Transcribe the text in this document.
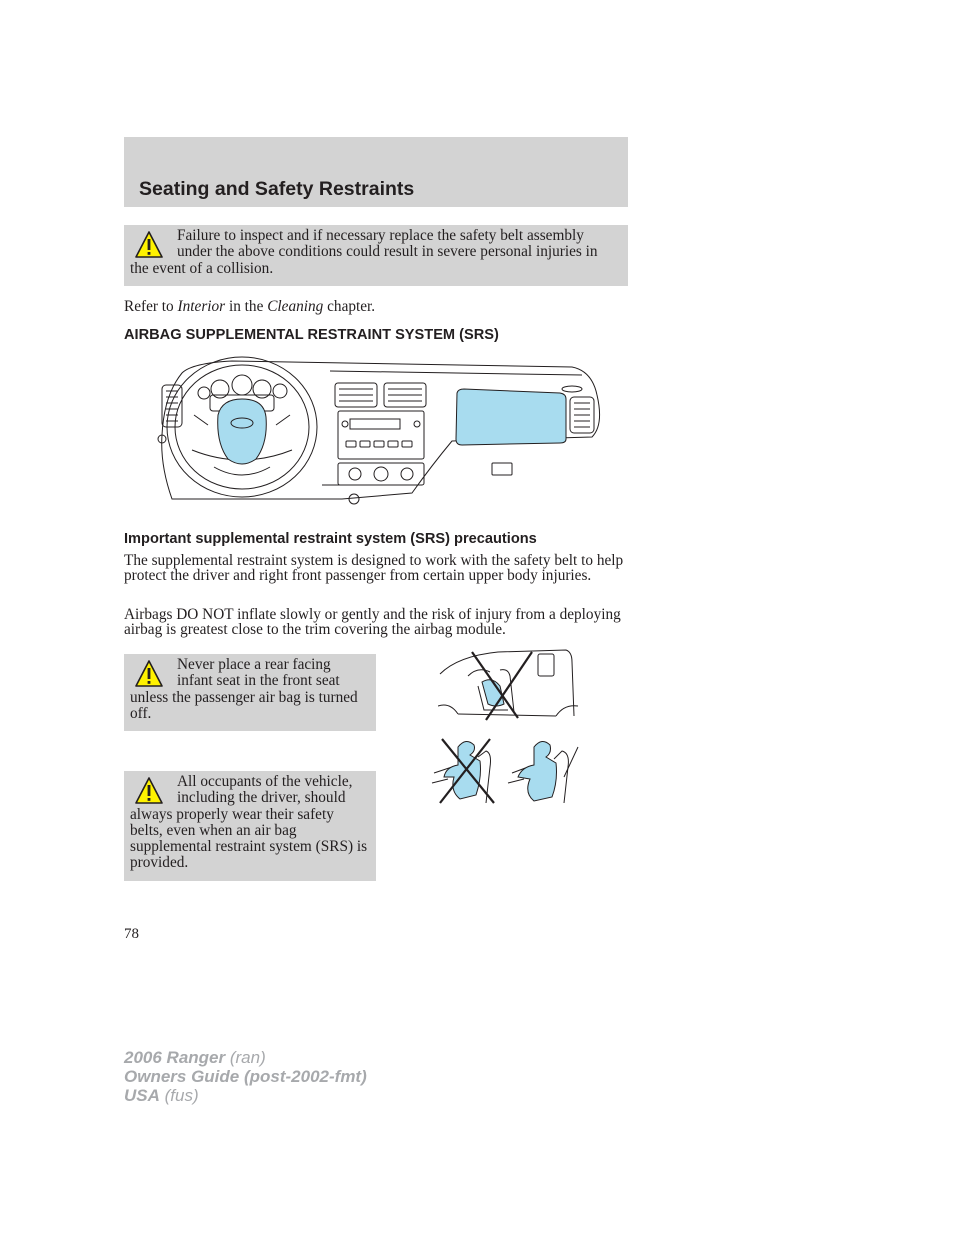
Seating and Safety Restraints

Failure to inspect and if necessary replace the safety belt assembly under the above conditions could result in severe personal injuries in the event of a collision.

Refer to Interior in the Cleaning chapter.

AIRBAG SUPPLEMENTAL RESTRAINT SYSTEM (SRS)
Important supplemental restraint system (SRS) precautions

The supplemental restraint system is designed to work with the safety belt to help protect the driver and right front passenger from certain upper body injuries.

Airbags DO NOT inflate slowly or gently and the risk of injury from a deploying airbag is greatest close to the trim covering the airbag module.

Never place a rear facing infant seat in the front seat unless the passenger air bag is turned off.

All occupants of the vehicle, including the driver, should always properly wear their safety belts, even when an air bag supplemental restraint system (SRS) is provided.

78
2006 Ranger (ran)
Owners Guide (post-2002-fmt)
USA (fus)
